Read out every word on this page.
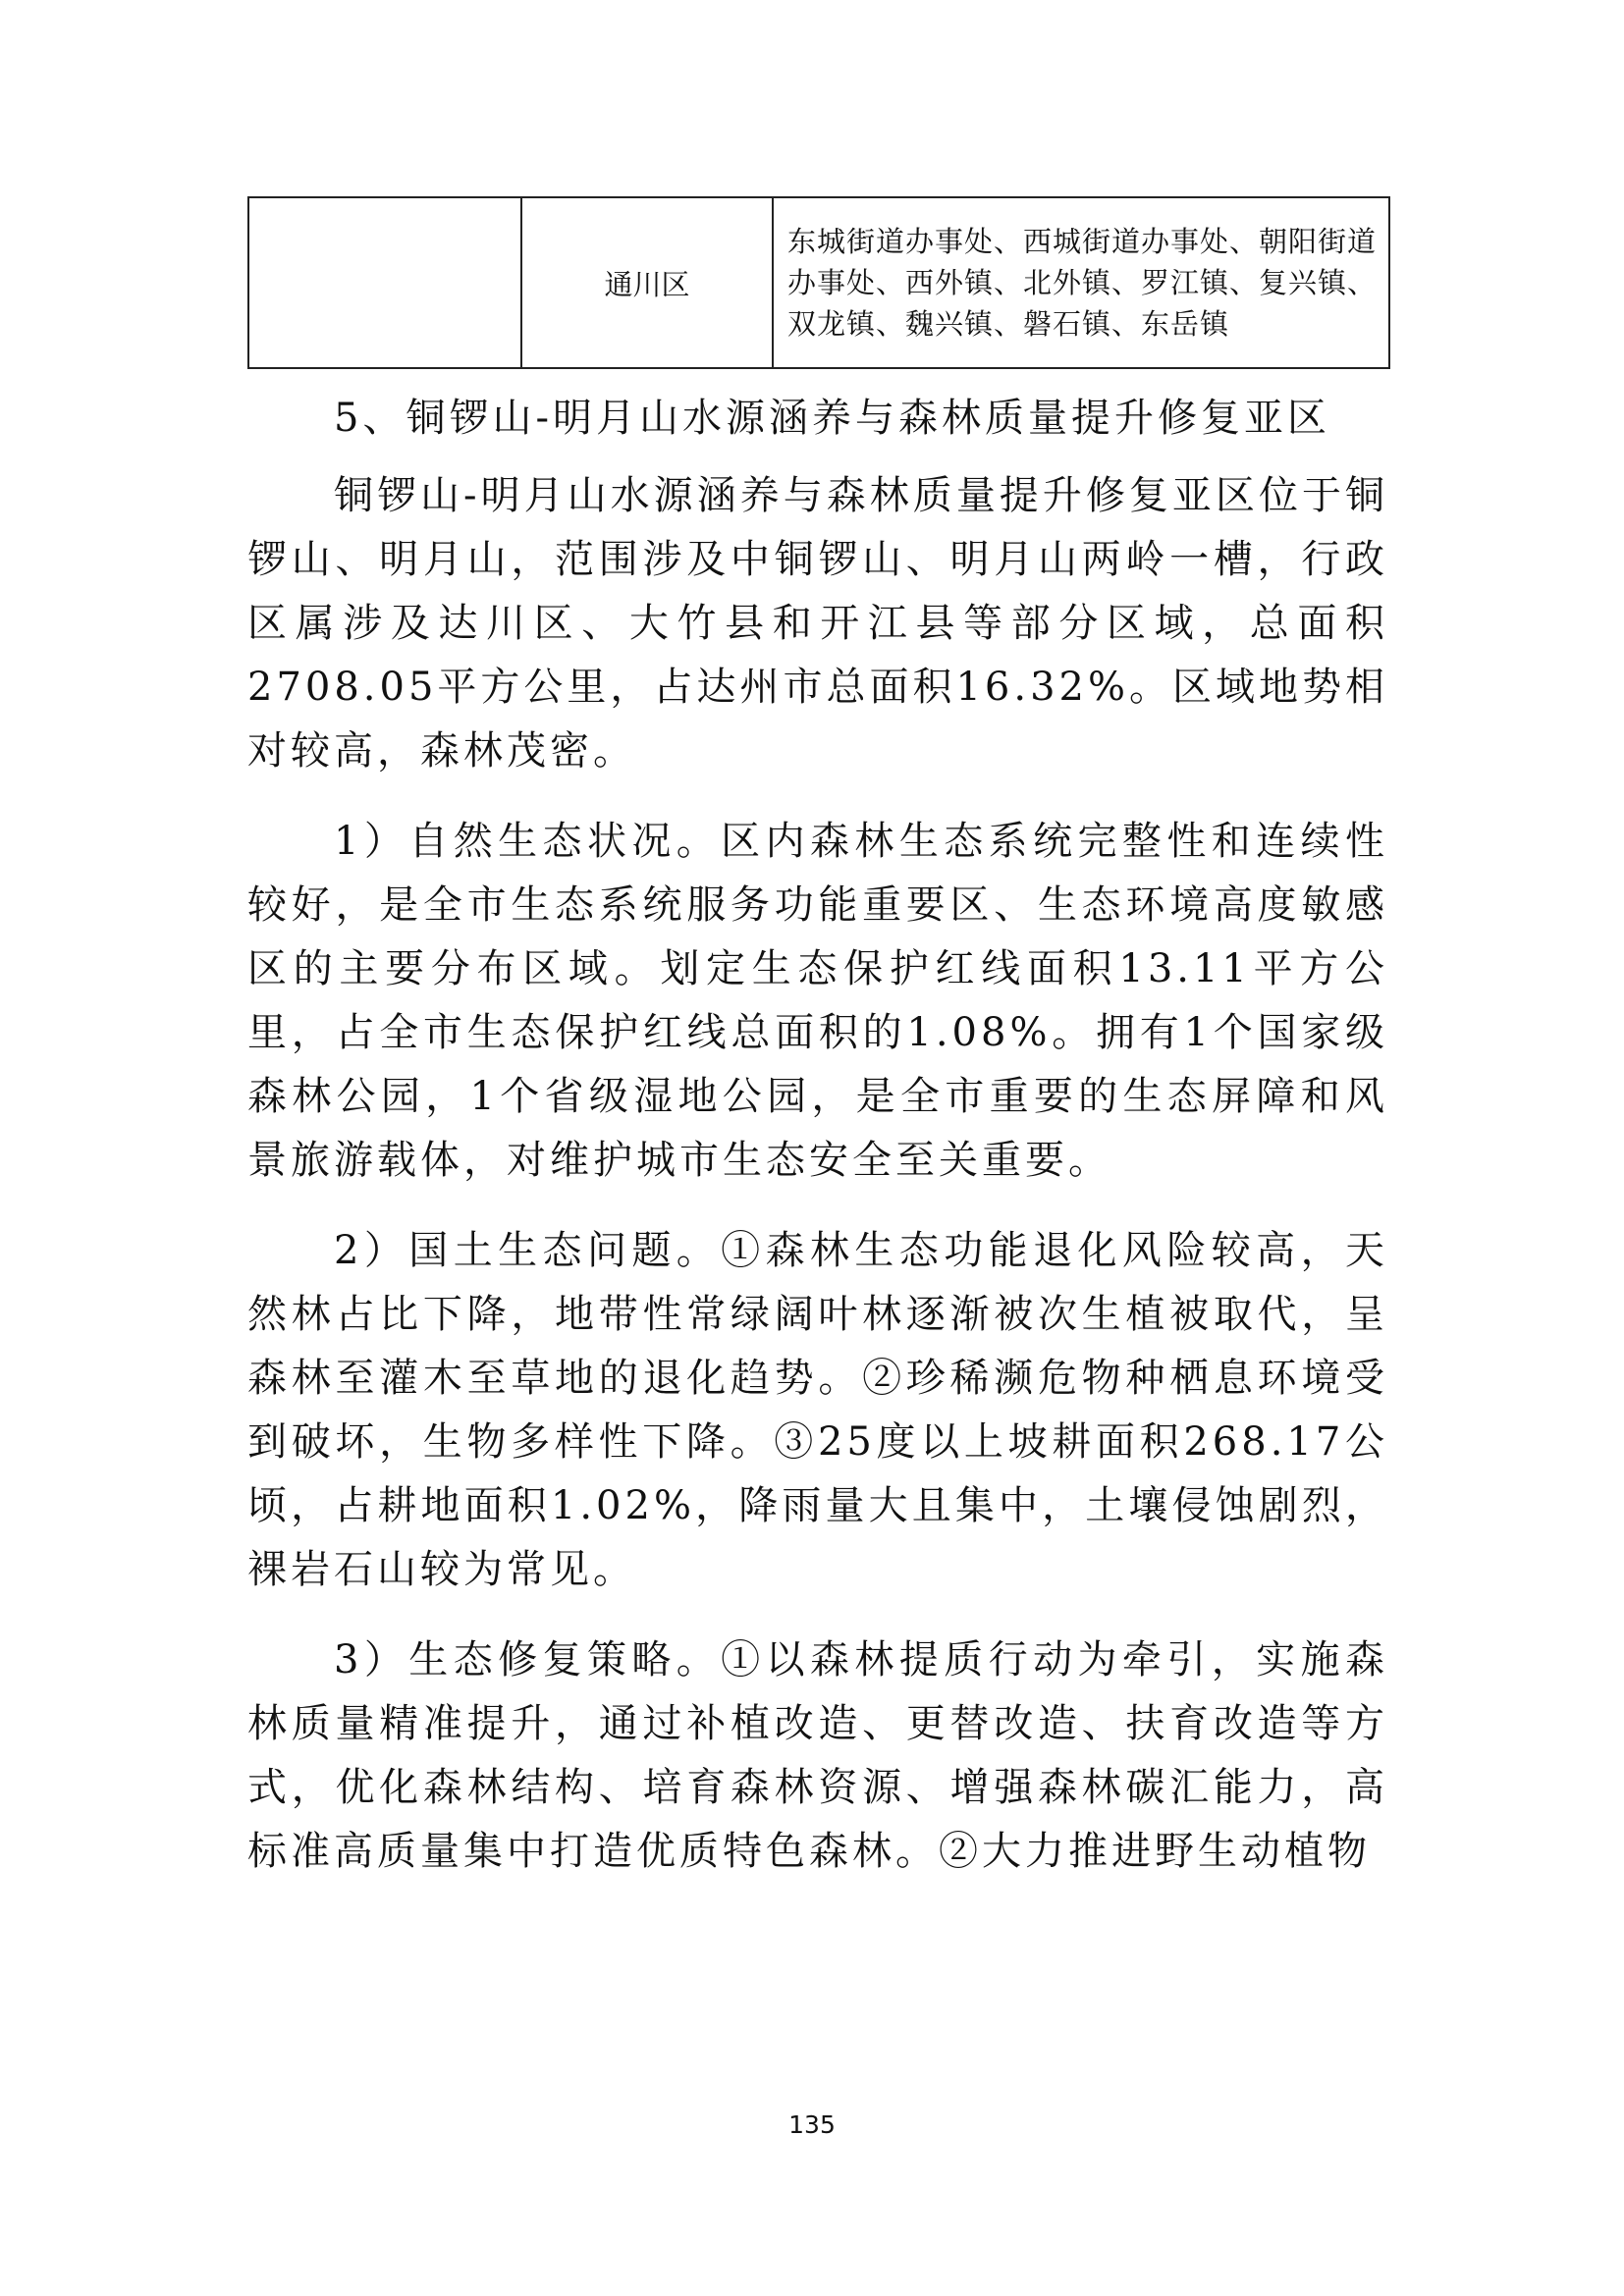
	通川区	东城街道办事处、西城街道办事处、朝阳街道办事处、西外镇、北外镇、罗江镇、复兴镇、双龙镇、魏兴镇、磐石镇、东岳镇

5、铜锣山-明月山水源涵养与森林质量提升修复亚区

铜锣山-明月山水源涵养与森林质量提升修复亚区位于铜锣山、明月山，范围涉及中铜锣山、明月山两岭一槽，行政区属涉及达川区、大竹县和开江县等部分区域，总面积2708.05平方公里，占达州市总面积16.32%。区域地势相对较高，森林茂密。

1）自然生态状况。区内森林生态系统完整性和连续性较好，是全市生态系统服务功能重要区、生态环境高度敏感区的主要分布区域。划定生态保护红线面积13.11平方公里，占全市生态保护红线总面积的1.08%。拥有1个国家级森林公园，1个省级湿地公园，是全市重要的生态屏障和风景旅游载体，对维护城市生态安全至关重要。

2）国土生态问题。①森林生态功能退化风险较高，天然林占比下降，地带性常绿阔叶林逐渐被次生植被取代，呈森林至灌木至草地的退化趋势。②珍稀濒危物种栖息环境受到破坏，生物多样性下降。③25度以上坡耕面积268.17公顷，占耕地面积1.02%，降雨量大且集中，土壤侵蚀剧烈，裸岩石山较为常见。

3）生态修复策略。①以森林提质行动为牵引，实施森林质量精准提升，通过补植改造、更替改造、扶育改造等方式，优化森林结构、培育森林资源、增强森林碳汇能力，高标准高质量集中打造优质特色森林。②大力推进野生动植物

135
